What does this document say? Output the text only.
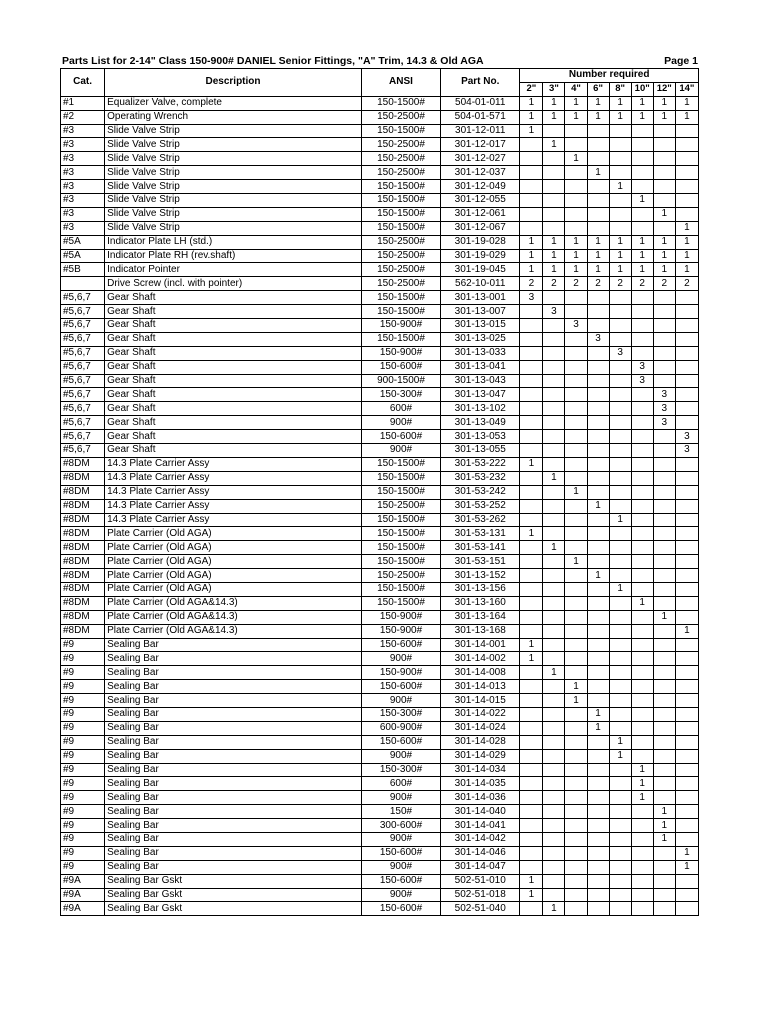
Parts List for 2-14" Class 150-900# DANIEL Senior Fittings, "A" Trim, 14.3 & Old AGA	Page 1
Cat.	Description	ANSI	Part No.	Number required							
				2"	3"	4"	6"	8"	10"	12"	14"
#1	Equalizer Valve, complete	150-1500#	504-01-011	1	1	1	1	1	1	1	1
#2	Operating Wrench	150-2500#	504-01-571	1	1	1	1	1	1	1	1
#3	Slide Valve Strip	150-1500#	301-12-011	1							
#3	Slide Valve Strip	150-2500#	301-12-017		1						
#3	Slide Valve Strip	150-2500#	301-12-027			1					
#3	Slide Valve Strip	150-2500#	301-12-037				1				
#3	Slide Valve Strip	150-1500#	301-12-049					1			
#3	Slide Valve Strip	150-1500#	301-12-055						1		
#3	Slide Valve Strip	150-1500#	301-12-061							1	
#3	Slide Valve Strip	150-1500#	301-12-067								1
#5A	Indicator Plate LH (std.)	150-2500#	301-19-028	1	1	1	1	1	1	1	1
#5A	Indicator Plate RH (rev.shaft)	150-2500#	301-19-029	1	1	1	1	1	1	1	1
#5B	Indicator Pointer	150-2500#	301-19-045	1	1	1	1	1	1	1	1
	Drive Screw (incl. with pointer)	150-2500#	562-10-011	2	2	2	2	2	2	2	2
#5,6,7	Gear Shaft	150-1500#	301-13-001	3							
#5,6,7	Gear Shaft	150-1500#	301-13-007		3						
#5,6,7	Gear Shaft	150-900#	301-13-015			3					
#5,6,7	Gear Shaft	150-1500#	301-13-025				3				
#5,6,7	Gear Shaft	150-900#	301-13-033					3			
#5,6,7	Gear Shaft	150-600#	301-13-041						3		
#5,6,7	Gear Shaft	900-1500#	301-13-043						3		
#5,6,7	Gear Shaft	150-300#	301-13-047							3	
#5,6,7	Gear Shaft	600#	301-13-102							3	
#5,6,7	Gear Shaft	900#	301-13-049							3	
#5,6,7	Gear Shaft	150-600#	301-13-053								3
#5,6,7	Gear Shaft	900#	301-13-055								3
#8DM	14.3 Plate Carrier Assy	150-1500#	301-53-222	1							
#8DM	14.3 Plate Carrier Assy	150-1500#	301-53-232		1						
#8DM	14.3 Plate Carrier Assy	150-1500#	301-53-242			1					
#8DM	14.3 Plate Carrier Assy	150-2500#	301-53-252				1				
#8DM	14.3 Plate Carrier Assy	150-1500#	301-53-262					1			
#8DM	Plate Carrier (Old AGA)	150-1500#	301-53-131	1							
#8DM	Plate Carrier (Old AGA)	150-1500#	301-53-141		1						
#8DM	Plate Carrier (Old AGA)	150-1500#	301-53-151			1					
#8DM	Plate Carrier (Old AGA)	150-2500#	301-13-152				1				
#8DM	Plate Carrier (Old AGA)	150-1500#	301-13-156					1			
#8DM	Plate Carrier (Old AGA&14.3)	150-1500#	301-13-160						1		
#8DM	Plate Carrier (Old AGA&14.3)	150-900#	301-13-164							1	
#8DM	Plate Carrier (Old AGA&14.3)	150-900#	301-13-168								1
#9	Sealing Bar	150-600#	301-14-001	1							
#9	Sealing Bar	900#	301-14-002	1							
#9	Sealing Bar	150-900#	301-14-008		1						
#9	Sealing Bar	150-600#	301-14-013			1					
#9	Sealing Bar	900#	301-14-015			1					
#9	Sealing Bar	150-300#	301-14-022				1				
#9	Sealing Bar	600-900#	301-14-024				1				
#9	Sealing Bar	150-600#	301-14-028					1			
#9	Sealing Bar	900#	301-14-029					1			
#9	Sealing Bar	150-300#	301-14-034						1		
#9	Sealing Bar	600#	301-14-035						1		
#9	Sealing Bar	900#	301-14-036						1		
#9	Sealing Bar	150#	301-14-040							1	
#9	Sealing Bar	300-600#	301-14-041							1	
#9	Sealing Bar	900#	301-14-042							1	
#9	Sealing Bar	150-600#	301-14-046								1
#9	Sealing Bar	900#	301-14-047								1
#9A	Sealing Bar Gskt	150-600#	502-51-010	1							
#9A	Sealing Bar Gskt	900#	502-51-018	1							
#9A	Sealing Bar Gskt	150-600#	502-51-040		1						
